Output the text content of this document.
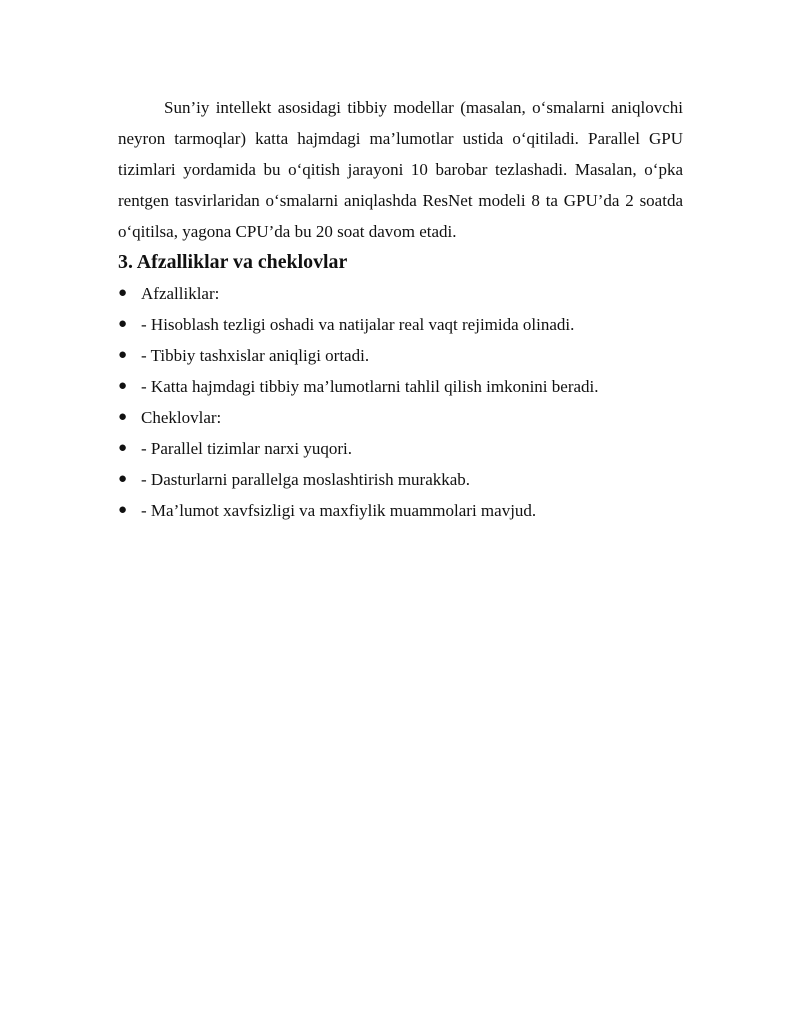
Sun’iy intellekt asosidagi tibbiy modellar (masalan, o‘smalarni aniqlovchi neyron tarmoqlar) katta hajmdagi ma’lumotlar ustida o‘qitiladi. Parallel GPU tizimlari yordamida bu o‘qitish jarayoni 10 barobar tezlashadi. Masalan, o‘pka rentgen tasvirlaridan o‘smalarni aniqlashda ResNet modeli 8 ta GPU’da 2 soatda o‘qitilsa, yagona CPU’da bu 20 soat davom etadi.

3. Afzalliklar va cheklovlar
● Afzalliklar:
● - Hisoblash tezligi oshadi va natijalar real vaqt rejimida olinadi.
● - Tibbiy tashxislar aniqligi ortadi.
● - Katta hajmdagi tibbiy ma’lumotlarni tahlil qilish imkonini beradi.
● Cheklovlar:
● - Parallel tizimlar narxi yuqori.
● - Dasturlarni parallelga moslashtirish murakkab.
● - Ma’lumot xavfsizligi va maxfiylik muammolari mavjud.
